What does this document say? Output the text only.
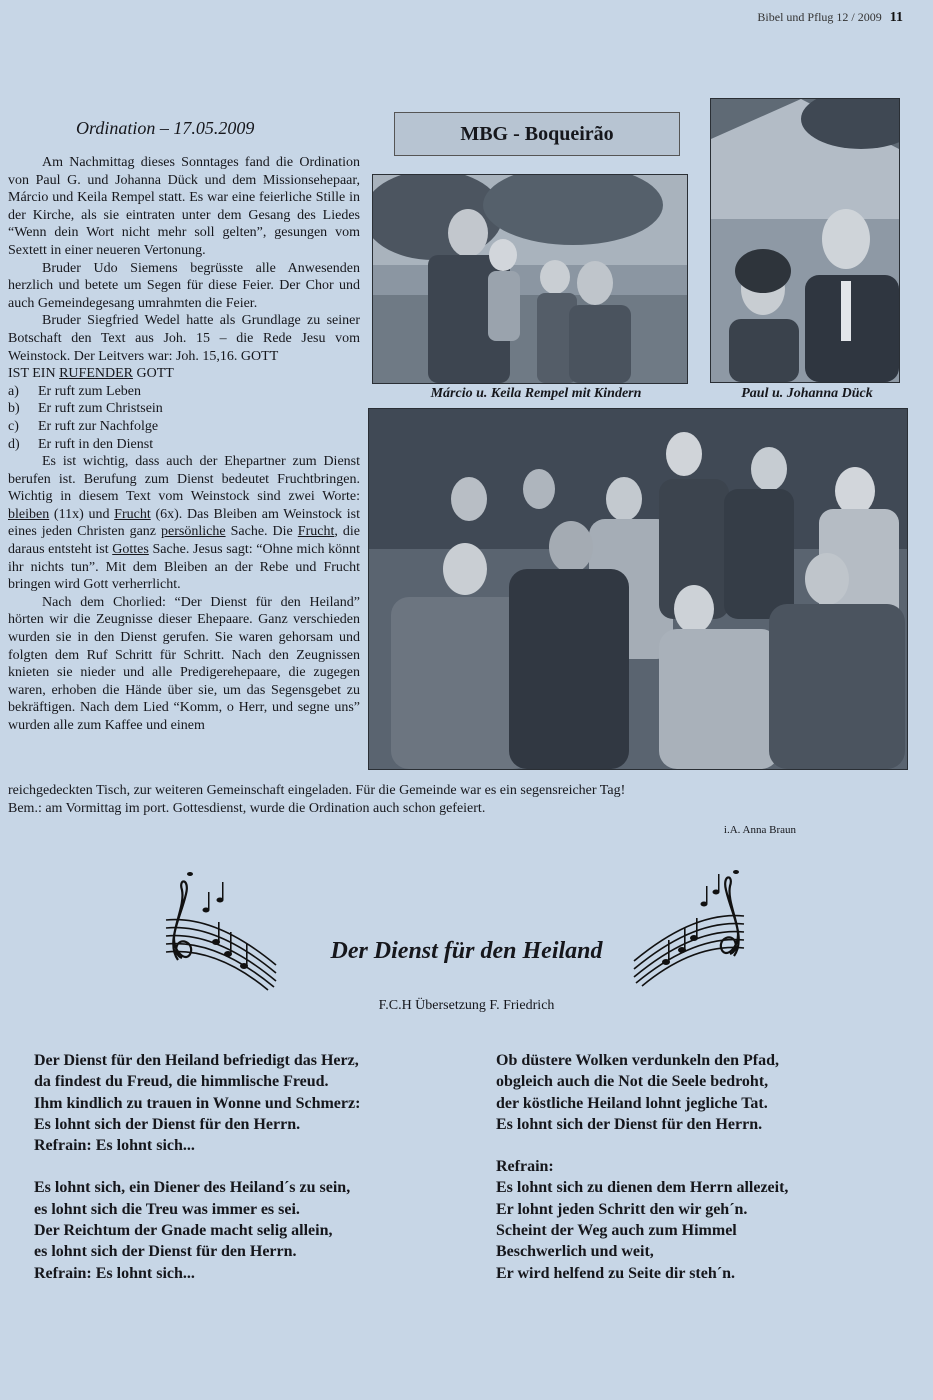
Bibel und Pflug 12 / 2009 11
Ordination – 17.05.2009

Am Nachmittag dieses Sonntages fand die Ordination von Paul G. und Johanna Dück und dem Missionsehepaar, Márcio und Keila Rempel statt. Es war eine feierliche Stille in der Kirche, als sie eintraten unter dem Gesang des Liedes “Wenn dein Wort nicht mehr soll gelten”, gesungen vom Sextett in einer neueren Vertonung.

Bruder Udo Siemens begrüsste alle Anwesenden herzlich und betete um Segen für diese Feier. Der Chor und auch Gemeindegesang umrahmten die Feier.

Bruder Siegfried Wedel hatte als Grundlage zu seiner Botschaft den Text aus Joh. 15 – die Rede Jesu vom Weinstock. Der Leitvers war: Joh. 15,16. GOTT

IST EIN RUFENDER GOTT

a) Er ruft zum Leben
b) Er ruft zum Christsein
c) Er ruft zur Nachfolge
d) Er ruft in den Dienst

Es ist wichtig, dass auch der Ehepartner zum Dienst berufen ist. Berufung zum Dienst bedeutet Fruchtbringen. Wichtig in diesem Text vom Weinstock sind zwei Worte: bleiben (11x) und Frucht (6x). Das Bleiben am Weinstock ist eines jeden Christen ganz persönliche Sache. Die Frucht, die daraus entsteht ist Gottes Sache. Jesus sagt: “Ohne mich könnt ihr nichts tun”. Mit dem Bleiben an der Rebe und Frucht bringen wird Gott verherrlicht.

Nach dem Chorlied: “Der Dienst für den Heiland” hörten wir die Zeugnisse dieser Ehepaare. Ganz verschieden wurden sie in den Dienst gerufen. Sie waren gehorsam und folgten dem Ruf Schritt für Schritt. Nach den Zeugnissen knieten sie nieder und alle Predigerehepaare, die zugegen waren, erhoben die Hände über sie, um das Segensgebet zu bekräftigen. Nach dem Lied “Komm, o Herr, und segne uns” wurden alle zum Kaffee und einem

reichgedeckten Tisch, zur weiteren Gemeinschaft eingeladen. Für die Gemeinde war es ein segensreicher Tag!
Bem.: am Vormittag im port. Gottesdienst, wurde die Ordination auch schon gefeiert.
i.A. Anna Braun
MBG - Boqueirão
Márcio u. Keila Rempel mit Kindern	Paul u. Johanna Dück
Der Dienst für den Heiland
F.C.H Übersetzung F. Friedrich
Der Dienst für den Heiland befriedigt das Herz,
da findest du Freud, die himmlische Freud.
Ihm kindlich zu trauen in Wonne und Schmerz:
Es lohnt sich der Dienst für den Herrn.
Refrain: Es lohnt sich...
Es lohnt sich, ein Diener des Heiland´s zu sein,
es lohnt sich die Treu was immer es sei.
Der Reichtum der Gnade macht selig allein,
es lohnt sich der Dienst für den Herrn.
Refrain: Es lohnt sich...
Ob düstere Wolken verdunkeln den Pfad,
obgleich auch die Not die Seele bedroht,
der köstliche Heiland lohnt jegliche Tat.
Es lohnt sich der Dienst für den Herrn.
Refrain:
Es lohnt sich zu dienen dem Herrn allezeit,
Er lohnt jeden Schritt den wir geh´n.
Scheint der Weg auch zum Himmel
Beschwerlich und weit,
Er wird helfend zu Seite dir steh´n.
